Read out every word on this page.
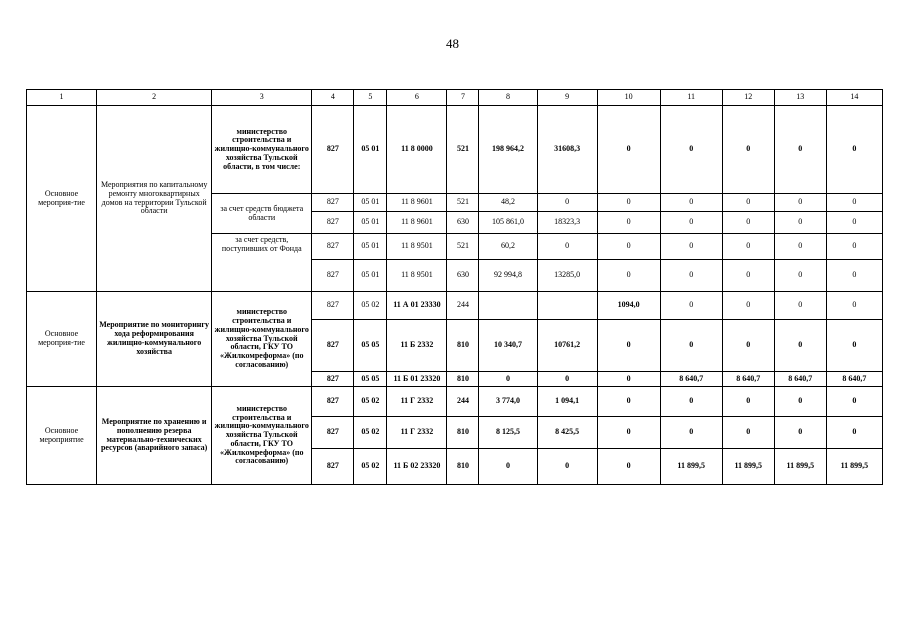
48
1	2	3	4	5	6	7	8	9	10	11	12	13	14
Основное мероприя-тие	Мероприятия по капитальному ремонту многоквартирных домов на территории Тульской области	министерство строительства и жилищно-коммунального хозяйства Тульской области, в том числе:	827	05 01	11 8 0000	521	198 964,2	31608,3	0	0	0	0	0
		за счет средств бюджета области	827	05 01	11 8 9601	521	48,2	0	0	0	0	0	0
			827	05 01	11 8 9601	630	105 861,0	18323,3	0	0	0	0	0
		за счет средств, поступивших от Фонда	827	05 01	11 8 9501	521	60,2	0	0	0	0	0	0
			827	05 01	11 8 9501	630	92 994,8	13285,0	0	0	0	0	0
Основное мероприя-тие	Мероприятие по мониторингу хода реформирования жилищно-коммунального хозяйства	министерство строительства и жилищно-коммунального хозяйства Тульской области, ГКУ ТО «Жилкомреформа» (по согласованию)	827	05 02	11 А 01 23330	244			1094,0	0	0	0	0
			827	05 05	11 Б 2332	810	10 340,7	10761,2	0	0	0	0	0
			827	05 05	11 Б 01 23320	810	0	0	0	8 640,7	8 640,7	8 640,7	8 640,7
Основное мероприятие	Мероприятие по хранению и пополнению резерва материально-технических ресурсов (аварийного запаса)	министерство строительства и жилищно-коммунального хозяйства Тульской области, ГКУ ТО «Жилкомреформа» (по согласованию)	827	05 02	11 Г 2332	244	3 774,0	1 094,1	0	0	0	0	0
			827	05 02	11 Г 2332	810	8 125,5	8 425,5	0	0	0	0	0
			827	05 02	11 Б 02 23320	810	0	0	0	11 899,5	11 899,5	11 899,5	11 899,5
